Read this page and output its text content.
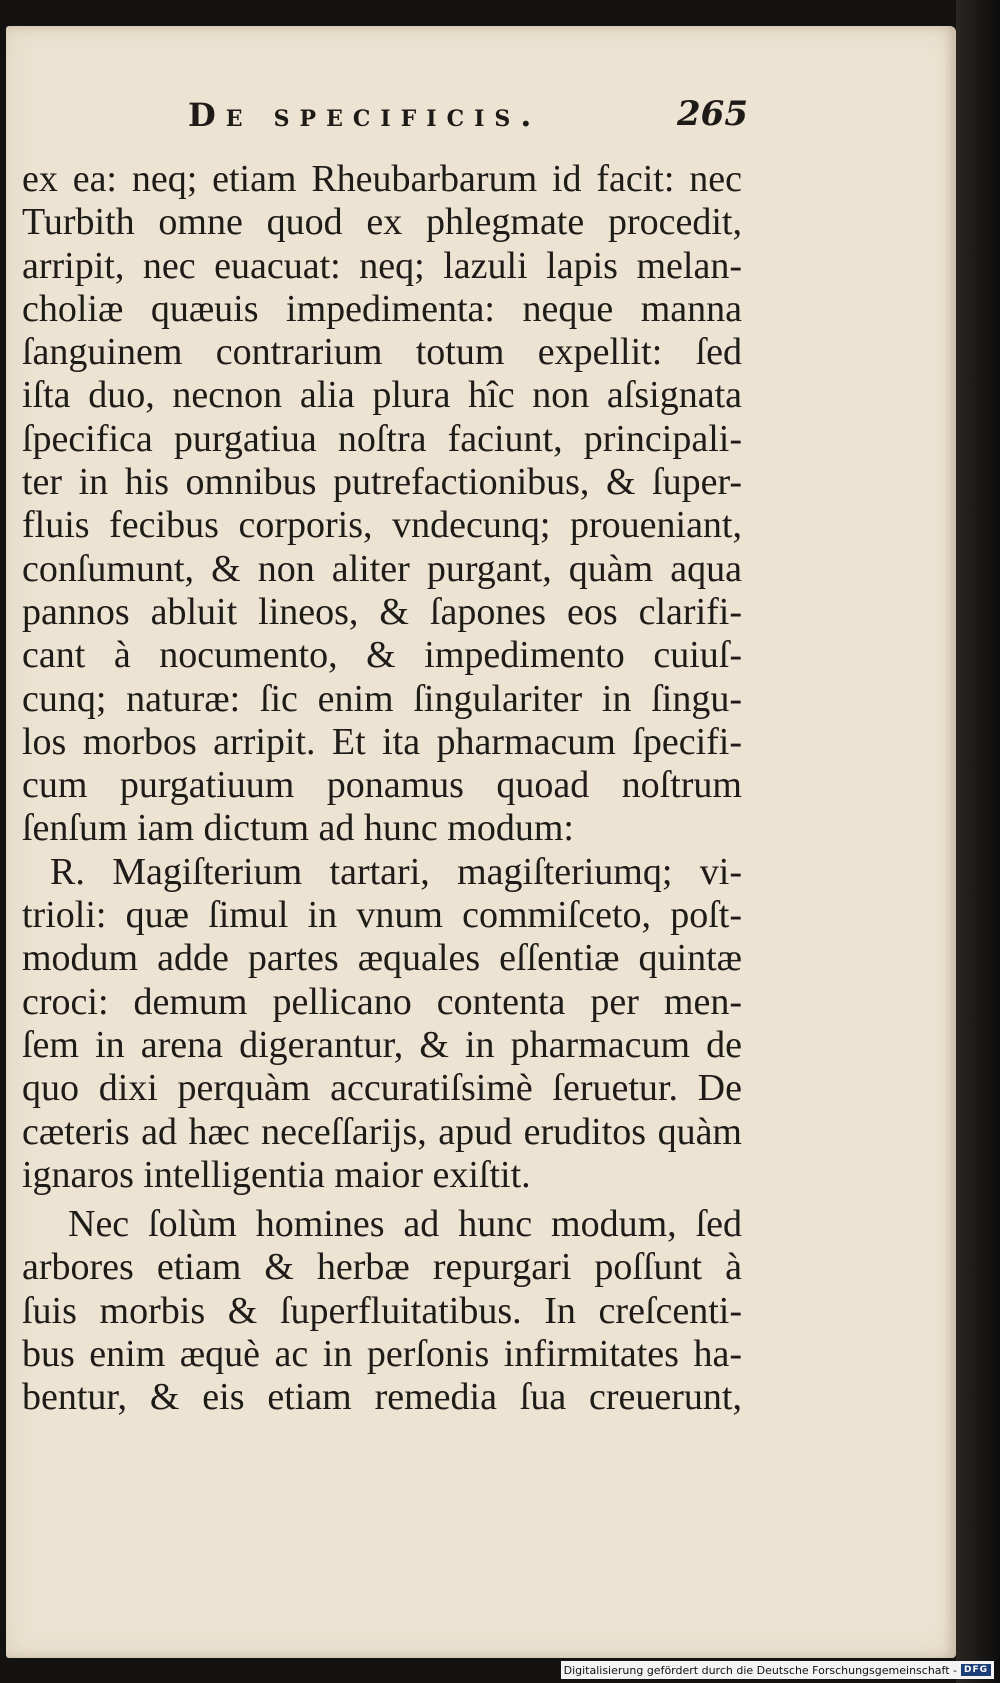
De specificis.	265
ex ea: neq; etiam Rheubarbarum id facit: nec
Turbith omne quod ex phlegmate procedit,
arripit, nec euacuat: neq; lazuli lapis melan-
choliæ quæuis impedimenta: neque manna
ſanguinem contrarium totum expellit: ſed
iſta duo, necnon alia plura hîc non aſsignata
ſpecifica purgatiua noſtra faciunt, principali-
ter in his omnibus putrefactionibus, & ſuper-
fluis fecibus corporis, vndecunq; proueniant,
conſumunt, & non aliter purgant, quàm aqua
pannos abluit lineos, & ſapones eos clarifi-
cant à nocumento, & impedimento cuiuſ-
cunq; naturæ: ſic enim ſingulariter in ſingu-
los morbos arripit. Et ita pharmacum ſpecifi-
cum purgatiuum ponamus quoad noſtrum
ſenſum iam dictum ad hunc modum:
R. Magiſterium tartari, magiſteriumq; vi-
trioli: quæ ſimul in vnum commiſceto, poſt-
modum adde partes æquales eſſentiæ quintæ
croci: demum pellicano contenta per men-
ſem in arena digerantur, & in pharmacum de
quo dixi perquàm accuratiſsimè ſeruetur. De
cæteris ad hæc neceſſarijs, apud eruditos quàm
ignaros intelligentia maior exiſtit.
Nec ſolùm homines ad hunc modum, ſed
arbores etiam & herbæ repurgari poſſunt à
ſuis morbis & ſuperfluitatibus. In creſcenti-
bus enim æquè ac in perſonis infirmitates ha-
bentur, & eis etiam remedia ſua creuerunt,
Digitalisierung gefördert durch die Deutsche Forschungsgemeinschaft - DFG
